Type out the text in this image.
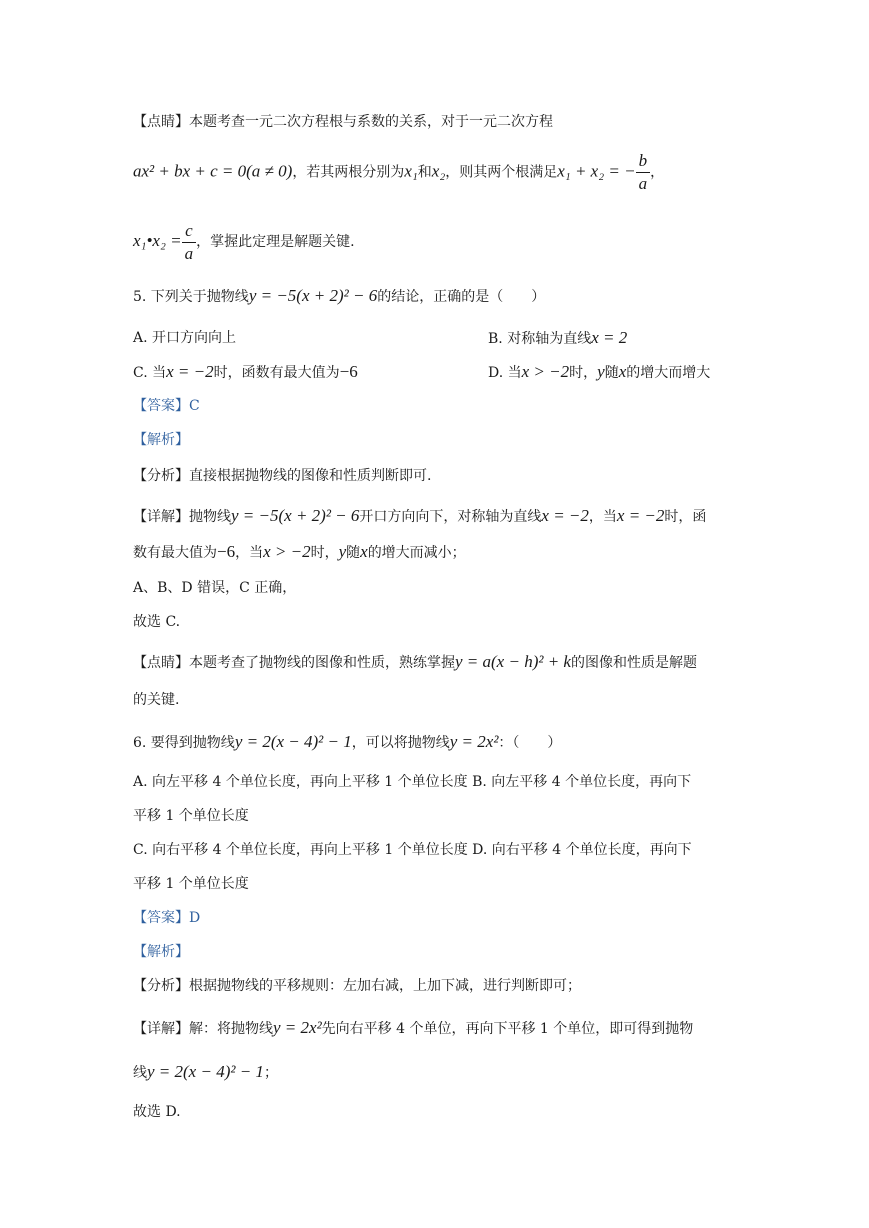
【点睛】本题考查一元二次方程根与系数的关系，对于一元二次方程
ax² + bx + c = 0(a ≠ 0)，若其两根分别为x₁和x₂，则其两个根满足x₁ + x₂ = − $\frac{b}{a}$ ，
x₁•x₂ = $\frac{c}{a}$ ，掌握此定理是解题关键.
5. 下列关于抛物线y = −5(x + 2)² − 6的结论，正确的是（　　）
A. 开口方向向上	B. 对称轴为直线x = 2
C. 当x = −2时，函数有最大值为−6	D. 当x > −2时，y随x的增大而增大
【答案】C
【解析】
【分析】直接根据抛物线的图像和性质判断即可.
【详解】抛物线y = −5(x + 2)² − 6开口方向向下，对称轴为直线x = −2，当x = −2时，函
数有最大值为−6，当x > −2时，y随x的增大而减小；
A、B、D 错误，C 正确，
故选 C.
【点睛】本题考查了抛物线的图像和性质，熟练掌握y = a(x − h)² + k的图像和性质是解题
的关键.
6. 要得到抛物线y = 2(x − 4)² − 1，可以将抛物线y = 2x²：（　　）
A. 向左平移 4 个单位长度，再向上平移 1 个单位长度 B. 向左平移 4 个单位长度，再向下
平移 1 个单位长度
C. 向右平移 4 个单位长度，再向上平移 1 个单位长度 D. 向右平移 4 个单位长度，再向下
平移 1 个单位长度
【答案】D
【解析】
【分析】根据抛物线的平移规则：左加右减，上加下减，进行判断即可；
【详解】解：将抛物线y = 2x²先向右平移 4 个单位，再向下平移 1 个单位，即可得到抛物
线y = 2(x − 4)² − 1；
故选 D.
